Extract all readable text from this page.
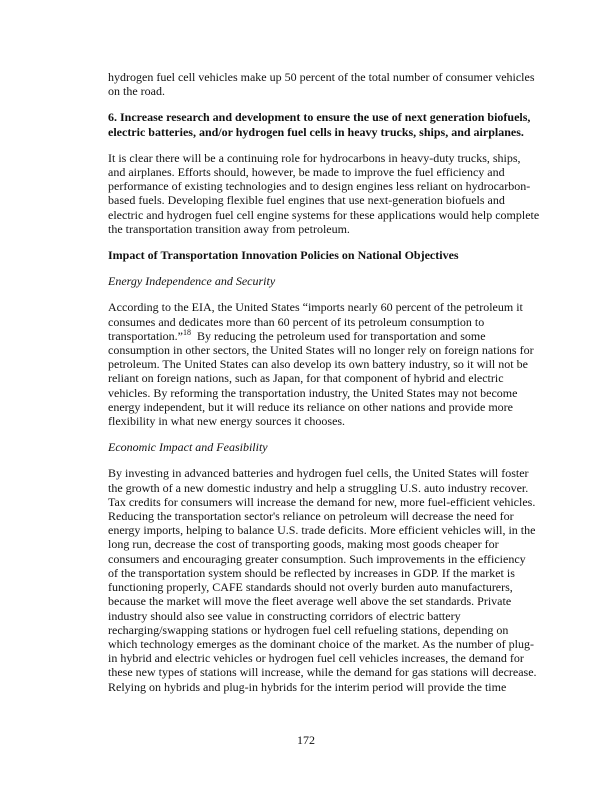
hydrogen fuel cell vehicles make up 50 percent of the total number of consumer vehicles
on the road.

6. Increase research and development to ensure the use of next generation biofuels,
electric batteries, and/or hydrogen fuel cells in heavy trucks, ships, and airplanes.

It is clear there will be a continuing role for hydrocarbons in heavy-duty trucks, ships,
and airplanes. Efforts should, however, be made to improve the fuel efficiency and
performance of existing technologies and to design engines less reliant on hydrocarbon-
based fuels. Developing flexible fuel engines that use next-generation biofuels and
electric and hydrogen fuel cell engine systems for these applications would help complete
the transportation transition away from petroleum.

Impact of Transportation Innovation Policies on National Objectives

Energy Independence and Security

According to the EIA, the United States “imports nearly 60 percent of the petroleum it
consumes and dedicates more than 60 percent of its petroleum consumption to
transportation.”$^{18}$  By reducing the petroleum used for transportation and some
consumption in other sectors, the United States will no longer rely on foreign nations for
petroleum. The United States can also develop its own battery industry, so it will not be
reliant on foreign nations, such as Japan, for that component of hybrid and electric
vehicles. By reforming the transportation industry, the United States may not become
energy independent, but it will reduce its reliance on other nations and provide more
flexibility in what new energy sources it chooses.

Economic Impact and Feasibility

By investing in advanced batteries and hydrogen fuel cells, the United States will foster
the growth of a new domestic industry and help a struggling U.S. auto industry recover.
Tax credits for consumers will increase the demand for new, more fuel-efficient vehicles.
Reducing the transportation sector's reliance on petroleum will decrease the need for
energy imports, helping to balance U.S. trade deficits. More efficient vehicles will, in the
long run, decrease the cost of transporting goods, making most goods cheaper for
consumers and encouraging greater consumption. Such improvements in the efficiency
of the transportation system should be reflected by increases in GDP. If the market is
functioning properly, CAFE standards should not overly burden auto manufacturers,
because the market will move the fleet average well above the set standards. Private
industry should also see value in constructing corridors of electric battery
recharging/swapping stations or hydrogen fuel cell refueling stations, depending on
which technology emerges as the dominant choice of the market. As the number of plug-
in hybrid and electric vehicles or hydrogen fuel cell vehicles increases, the demand for
these new types of stations will increase, while the demand for gas stations will decrease.
Relying on hybrids and plug-in hybrids for the interim period will provide the time

172
